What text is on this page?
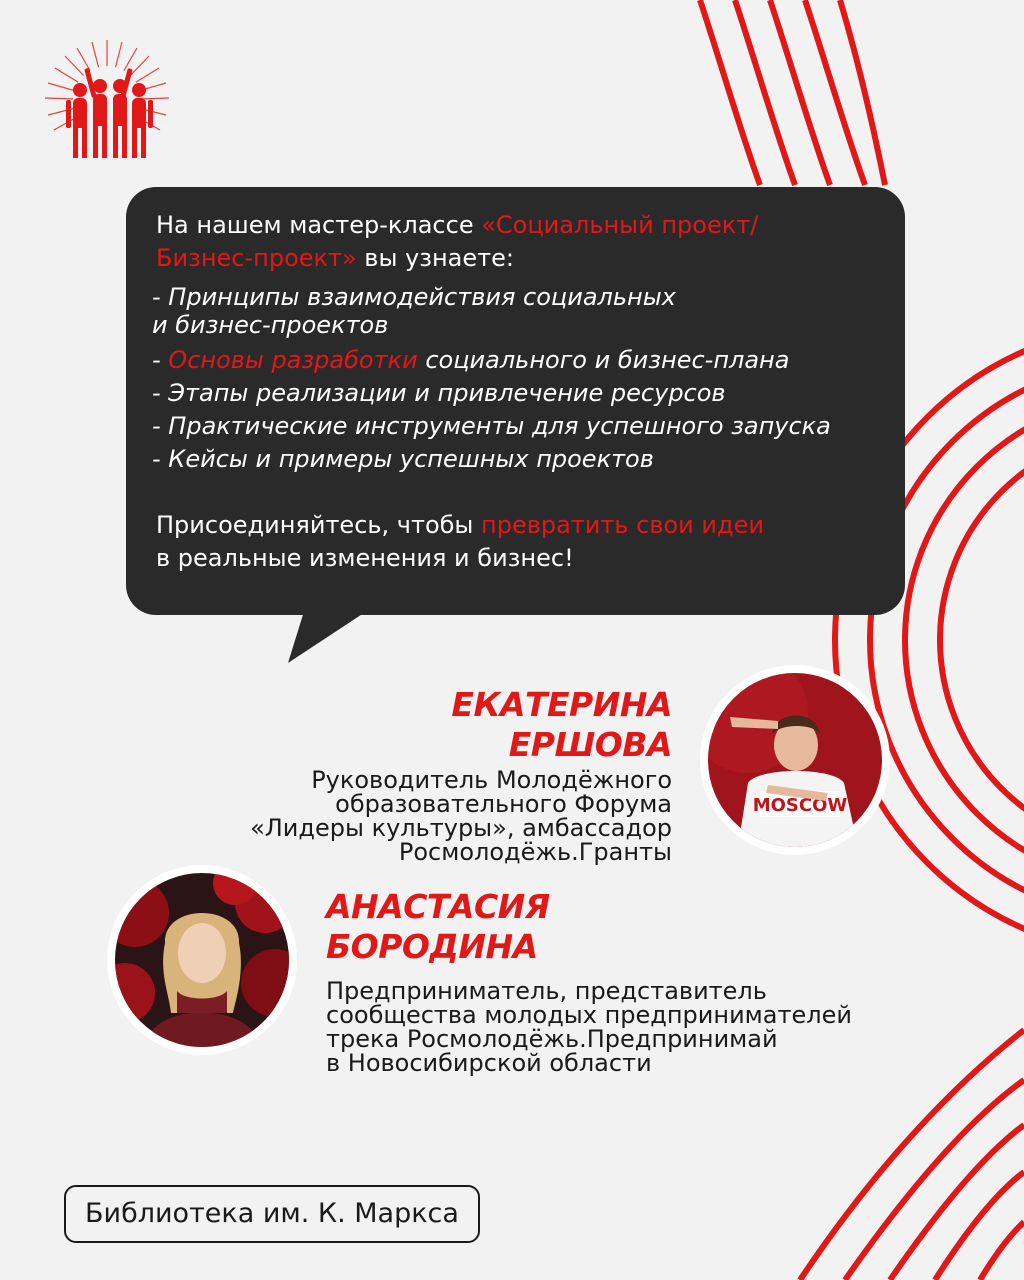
На нашем мастер-классе «Социальный проект/
Бизнес-проект» вы узнаете:

- Принципы взаимодействия социальных
и бизнес-проектов
- Основы разработки социального и бизнес-плана
- Этапы реализации и привлечение ресурсов
- Практические инструменты для успешного запуска
- Кейсы и примеры успешных проектов

Присоединяйтесь, чтобы превратить свои идеи
в реальные изменения и бизнес!

ЕКАТЕРИНА
ЕРШОВА

Руководитель Молодёжного
образовательного Форума
«Лидеры культуры», амбассадор
Росмолодёжь.Гранты

MOSCOW

АНАСТАСИЯ
БОРОДИНА

Предприниматель, представитель
сообщества молодых предпринимателей
трека Росмолодёжь.Предпринимай
в Новосибирской области

Библиотека им. К. Маркса
